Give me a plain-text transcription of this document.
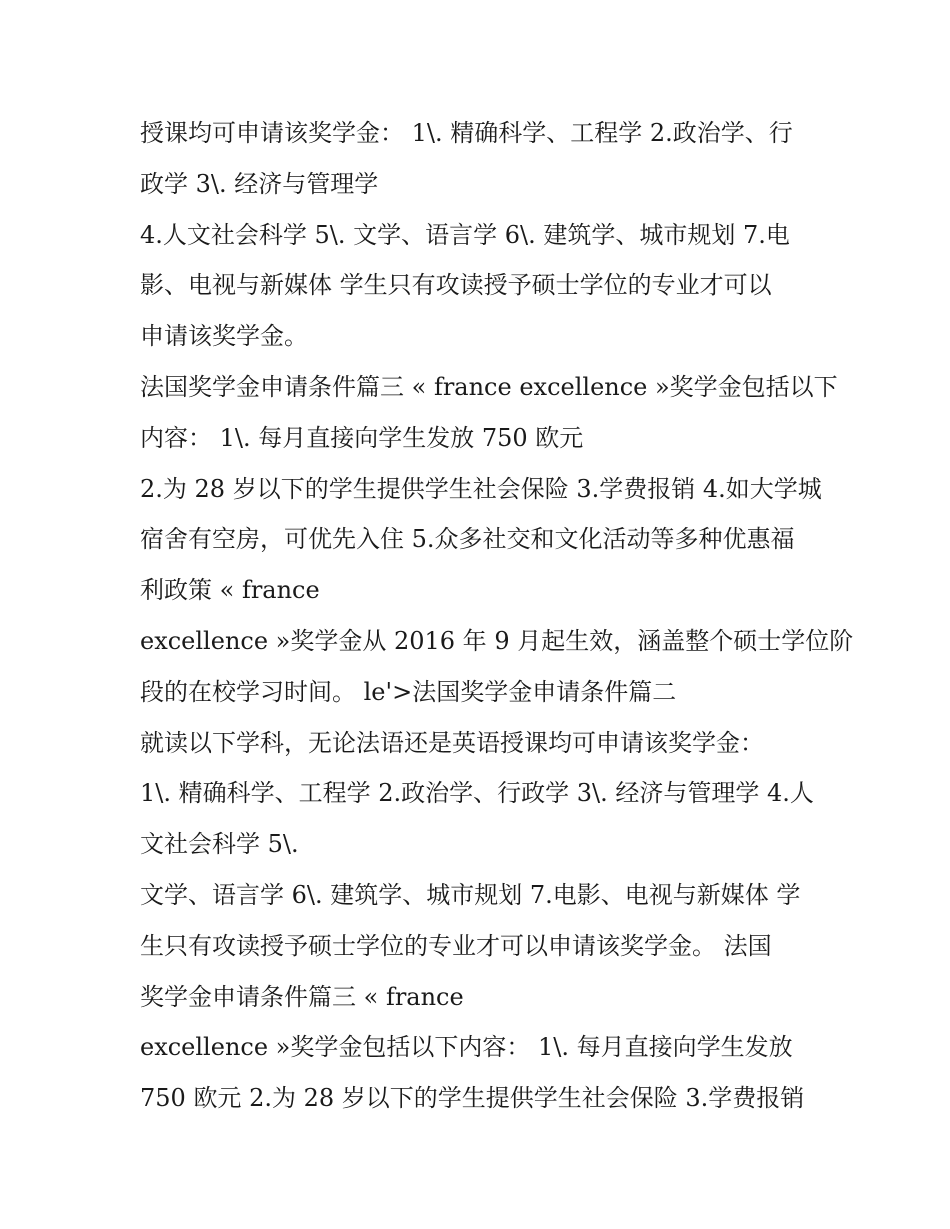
授课均可申请该奖学金： 1\. 精确科学、工程学 2.政治学、行
政学 3\. 经济与管理学
4.人文社会科学 5\. 文学、语言学 6\. 建筑学、城市规划 7.电
影、电视与新媒体 学生只有攻读授予硕士学位的专业才可以
申请该奖学金。
法国奖学金申请条件篇三 « france excellence »奖学金包括以下
内容： 1\. 每月直接向学生发放 750 欧元
2.为 28 岁以下的学生提供学生社会保险 3.学费报销 4.如大学城
宿舍有空房，可优先入住 5.众多社交和文化活动等多种优惠福
利政策 « france
excellence »奖学金从 2016 年 9 月起生效，涵盖整个硕士学位阶
段的在校学习时间。 le'>法国奖学金申请条件篇二
就读以下学科，无论法语还是英语授课均可申请该奖学金：
1\. 精确科学、工程学 2.政治学、行政学 3\. 经济与管理学 4.人
文社会科学 5\.
文学、语言学 6\. 建筑学、城市规划 7.电影、电视与新媒体 学
生只有攻读授予硕士学位的专业才可以申请该奖学金。 法国
奖学金申请条件篇三 « france
excellence »奖学金包括以下内容： 1\. 每月直接向学生发放
750 欧元 2.为 28 岁以下的学生提供学生社会保险 3.学费报销
